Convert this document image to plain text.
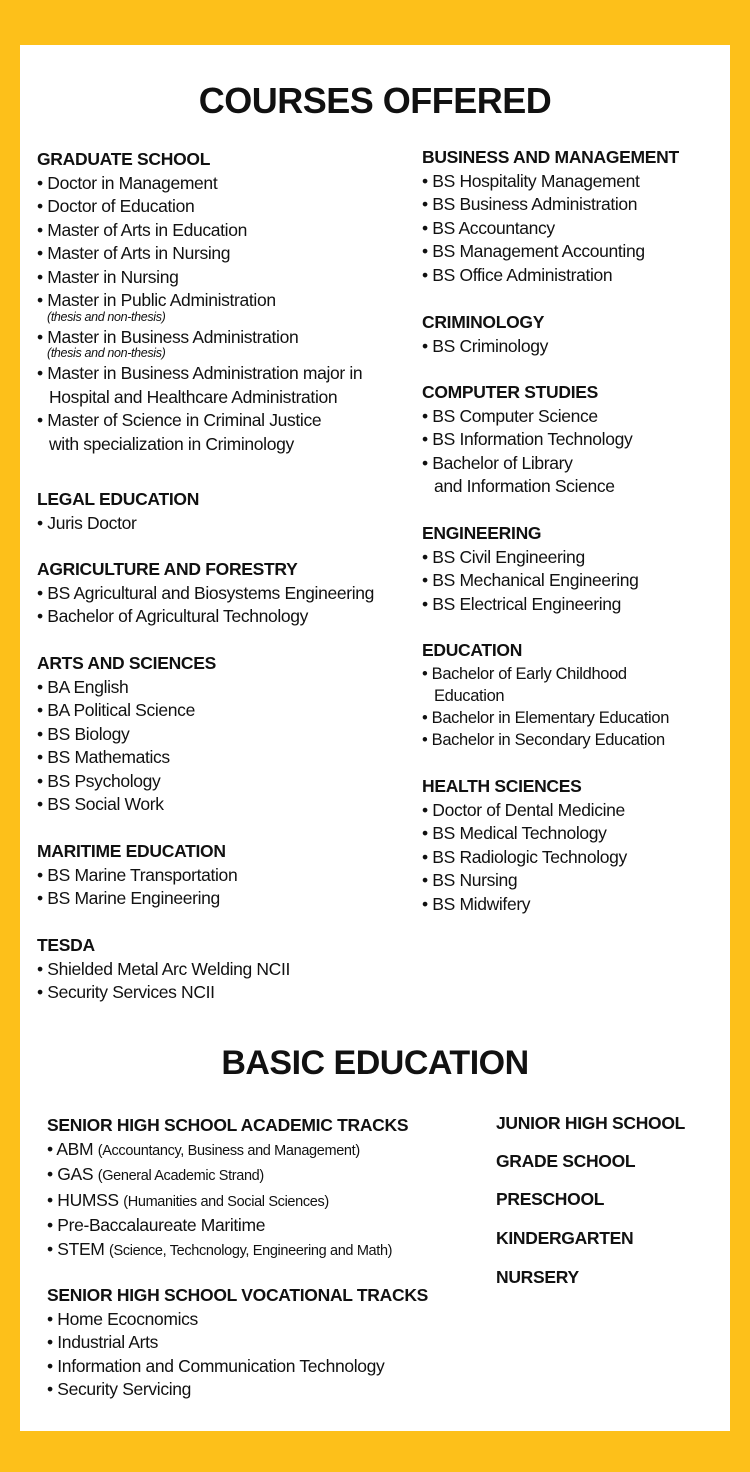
COURSES OFFERED
GRADUATE SCHOOL
• Doctor in Management
• Doctor of Education
• Master of Arts in Education
• Master of Arts in Nursing
• Master in Nursing
• Master in Public Administration
(thesis and non-thesis)
• Master in Business Administration
(thesis and non-thesis)
• Master in Business Administration major in
Hospital and Healthcare Administration
• Master of Science in Criminal Justice
with specialization in Criminology
LEGAL EDUCATION
• Juris Doctor
AGRICULTURE AND FORESTRY
• BS Agricultural and Biosystems Engineering
• Bachelor of Agricultural Technology
ARTS AND SCIENCES
• BA English
• BA Political Science
• BS Biology
• BS Mathematics
• BS Psychology
• BS Social Work
MARITIME EDUCATION
• BS Marine Transportation
• BS Marine Engineering
TESDA
• Shielded Metal Arc Welding NCII
• Security Services NCII
BUSINESS AND MANAGEMENT
• BS Hospitality Management
• BS Business Administration
• BS Accountancy
• BS Management Accounting
• BS Office Administration
CRIMINOLOGY
• BS Criminology
COMPUTER STUDIES
• BS Computer Science
• BS Information Technology
• Bachelor of Library
and Information Science
ENGINEERING
• BS Civil Engineering
• BS Mechanical Engineering
• BS Electrical Engineering
EDUCATION
• Bachelor of Early Childhood
Education
• Bachelor in Elementary Education
• Bachelor in Secondary Education
HEALTH SCIENCES
• Doctor of Dental Medicine
• BS Medical Technology
• BS Radiologic Technology
• BS Nursing
• BS Midwifery
SENIOR HIGH SCHOOL ACADEMIC TRACKS
• ABM (Accountancy, Business and Management)
• GAS (General Academic Strand)
• HUMSS (Humanities and Social Sciences)
• Pre-Baccalaureate Maritime
• STEM (Science, Techcnology, Engineering and Math)
SENIOR HIGH SCHOOL VOCATIONAL TRACKS
• Home Ecocnomics
• Industrial Arts
• Information and Communication Technology
• Security Servicing
BASIC EDUCATION
JUNIOR HIGH SCHOOL
GRADE SCHOOL
PRESCHOOL
KINDERGARTEN
NURSERY
